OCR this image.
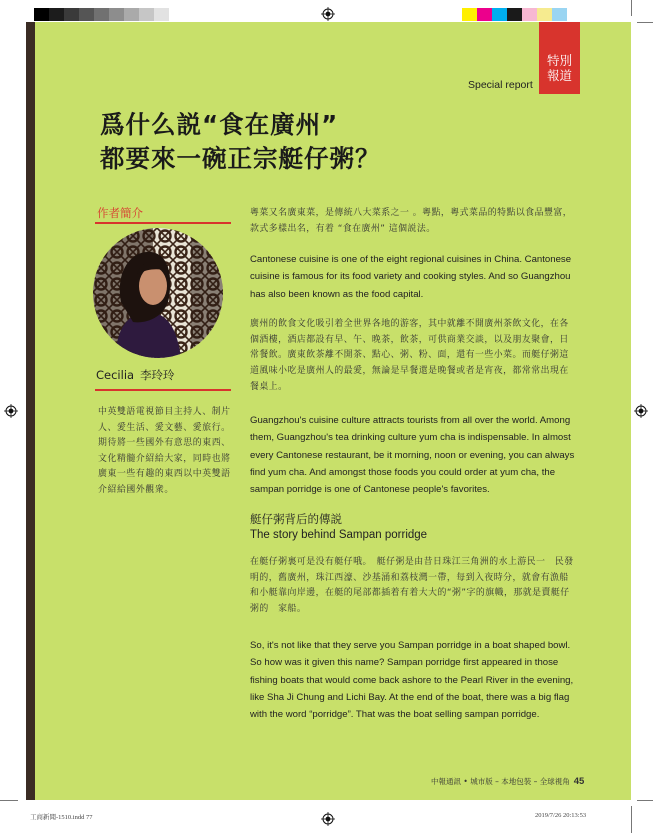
特別
報道
Special report
爲什么説“食在廣州”
都要來一碗正宗艇仔粥？
作者簡介
Cecilia 李玲玲
中英雙語電視節目主持人、制片人、愛生活、愛文藝、愛旅行。期待將一些國外有意思的東西、文化精髓介紹給大家，同時也將廣東一些有趣的東西以中英雙語介紹給國外觀衆。
粵菜又名廣東菜，是傳統八大菜系之一 。粵點，粵式菜品的特點以食品豐富，款式多樣出名，有着 “食在廣州” 這個説法。
Cantonese cuisine is one of the eight regional cuisines in China. Cantonese cuisine is famous for its food variety and cooking styles. And so Guangzhou has also been known as the food capital.
廣州的飲食文化吸引着全世界各地的游客，其中就離不開廣州茶飲文化，在各個酒樓，酒店都設有早、午、晚茶，飲茶，可供商業交談，以及朋友聚會，日常餐飲。廣東飲茶離不開茶、點心、粥、粉、面，還有一些小菜。而艇仔粥這道風味小吃是廣州人的最愛，無論是早餐還是晚餐或者是宵夜，都常常出現在餐桌上。
Guangzhou's cuisine culture attracts tourists from all over the world. Among them, Guangzhou's tea drinking culture yum cha is indispensable. In almost every Cantonese restaurant, be it morning, noon or evening, you can always find yum cha. And amongst those foods you could order at yum cha, the sampan porridge is one of Cantonese people's favorites.
艇仔粥背后的傳説
The story behind Sampan porridge
在艇仔粥裏可是没有艇仔哦。　艇仔粥是由昔日珠江三角洲的水上游民一　民發明的，舊廣州，珠江西濠、沙基涌和荔枝灣一帶，每到入夜時分，就會有漁船和小艇靠向岸邊，在艇的尾部都插着有着大大的“粥”字的旗幟，那就是賣艇仔粥的　家船。
So, it's not like that they serve you Sampan porridge in a boat shaped bowl. So how was it given this name? Sampan porridge first appeared in those fishing boats that would come back ashore to the Pearl River in the evening, like Sha Ji Chung and Lichi Bay. At the end of the boat, there was a big flag with the word “porridge”. That was the boat selling sampan porridge.
中報通訊 • 城市版 – 本地包裝 – 全球視角 45
工商新聞-1510.indd 77	2019/7/26 20:13:53
